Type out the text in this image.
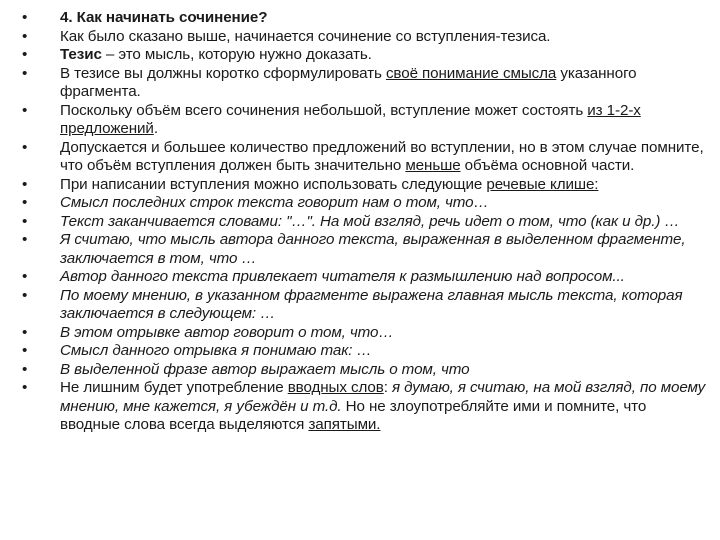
• 4. Как начинать сочинение?
• Как было сказано выше, начинается сочинение со вступления-тезиса.
• Тезис – это мысль, которую нужно доказать.
• В тезисе вы должны коротко сформулировать своё понимание смысла указанного фрагмента.
• Поскольку объём всего сочинения небольшой, вступление может состоять из 1-2-х предложений.
• Допускается и большее количество предложений во вступлении, но в этом случае помните, что объём вступления должен быть значительно меньше объёма основной части.
• При написании вступления можно использовать следующие речевые клише:
• Смысл последних строк текста говорит нам о том, что…
• Текст заканчивается словами: "…". На мой взгляд, речь идет о том, что (как и др.) …
• Я считаю, что мысль автора данного текста, выраженная в выделенном фрагменте, заключается в том, что …
• Автор данного текста привлекает читателя к размышлению над вопросом...
• По моему мнению, в указанном фрагменте выражена главная мысль текста, которая заключается в следующем: …
• В этом отрывке автор говорит о том, что…
• Смысл данного отрывка я понимаю так: …
• В выделенной фразе автор выражает мысль о том, что
• Не лишним будет употребление вводных слов: я думаю, я считаю, на мой взгляд, по моему мнению, мне кажется, я убеждён и т.д. Но не злоупотребляйте ими и помните, что вводные слова всегда выделяются запятыми.
